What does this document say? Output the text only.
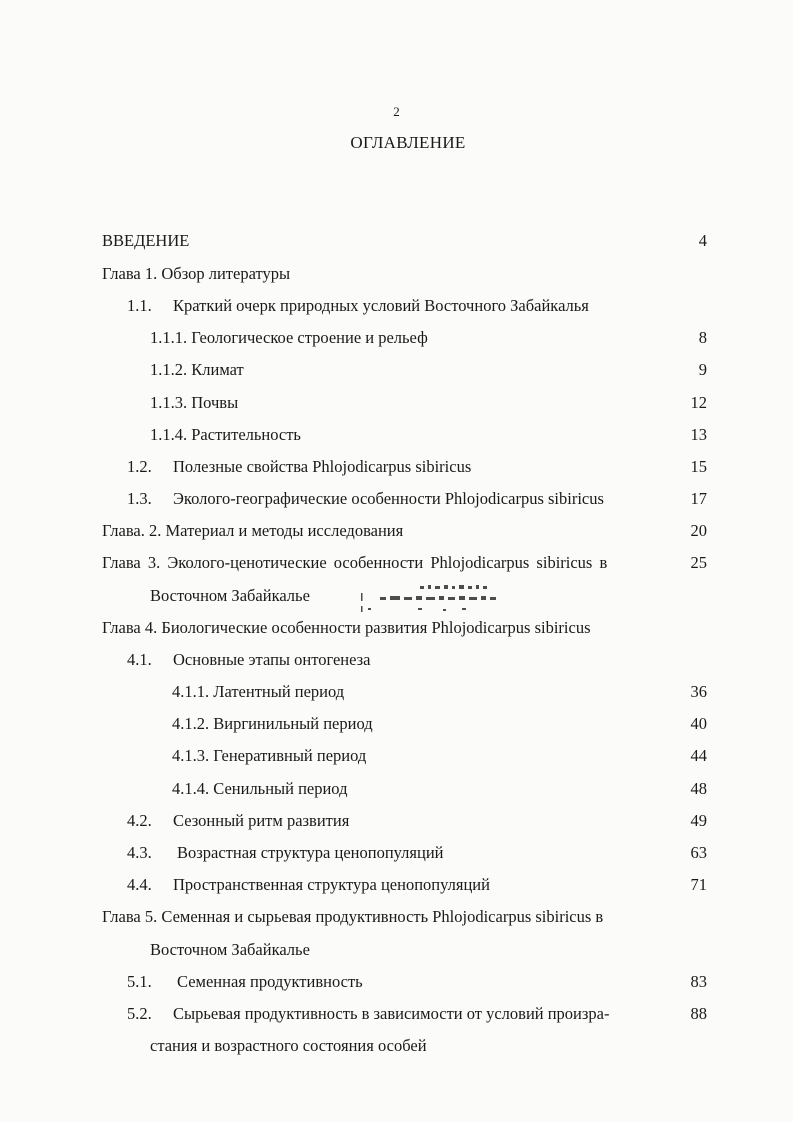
2
ОГЛАВЛЕНИЕ
ВВЕДЕНИЕ	4
Глава 1. Обзор литературы
1.1. Краткий очерк природных условий Восточного Забайкалья
1.1.1. Геологическое строение и рельеф	8
1.1.2. Климат	9
1.1.3. Почвы	12
1.1.4. Растительность	13
1.2. Полезные свойства Phlojodicarpus sibiricus	15
1.3. Эколого-географические особенности Phlojodicarpus sibiricus	17
Глава. 2. Материал и методы исследования	20
Глава 3. Эколого-ценотические особенности Phlojodicarpus sibiricus в	25
Восточном Забайкалье
Глава 4. Биологические особенности развития Phlojodicarpus sibiricus
4.1. Основные этапы онтогенеза
4.1.1. Латентный период	36
4.1.2. Виргинильный период	40
4.1.3. Генеративный период	44
4.1.4. Сенильный период	48
4.2. Сезонный ритм развития	49
4.3. Возрастная структура ценопопуляций	63
4.4. Пространственная структура ценопопуляций	71
Глава 5. Семенная и сырьевая продуктивность Phlojodicarpus sibiricus в
Восточном Забайкалье
5.1. Семенная продуктивность	83
5.2. Сырьевая продуктивность в зависимости от условий произра-	88
стания и возрастного состояния особей
